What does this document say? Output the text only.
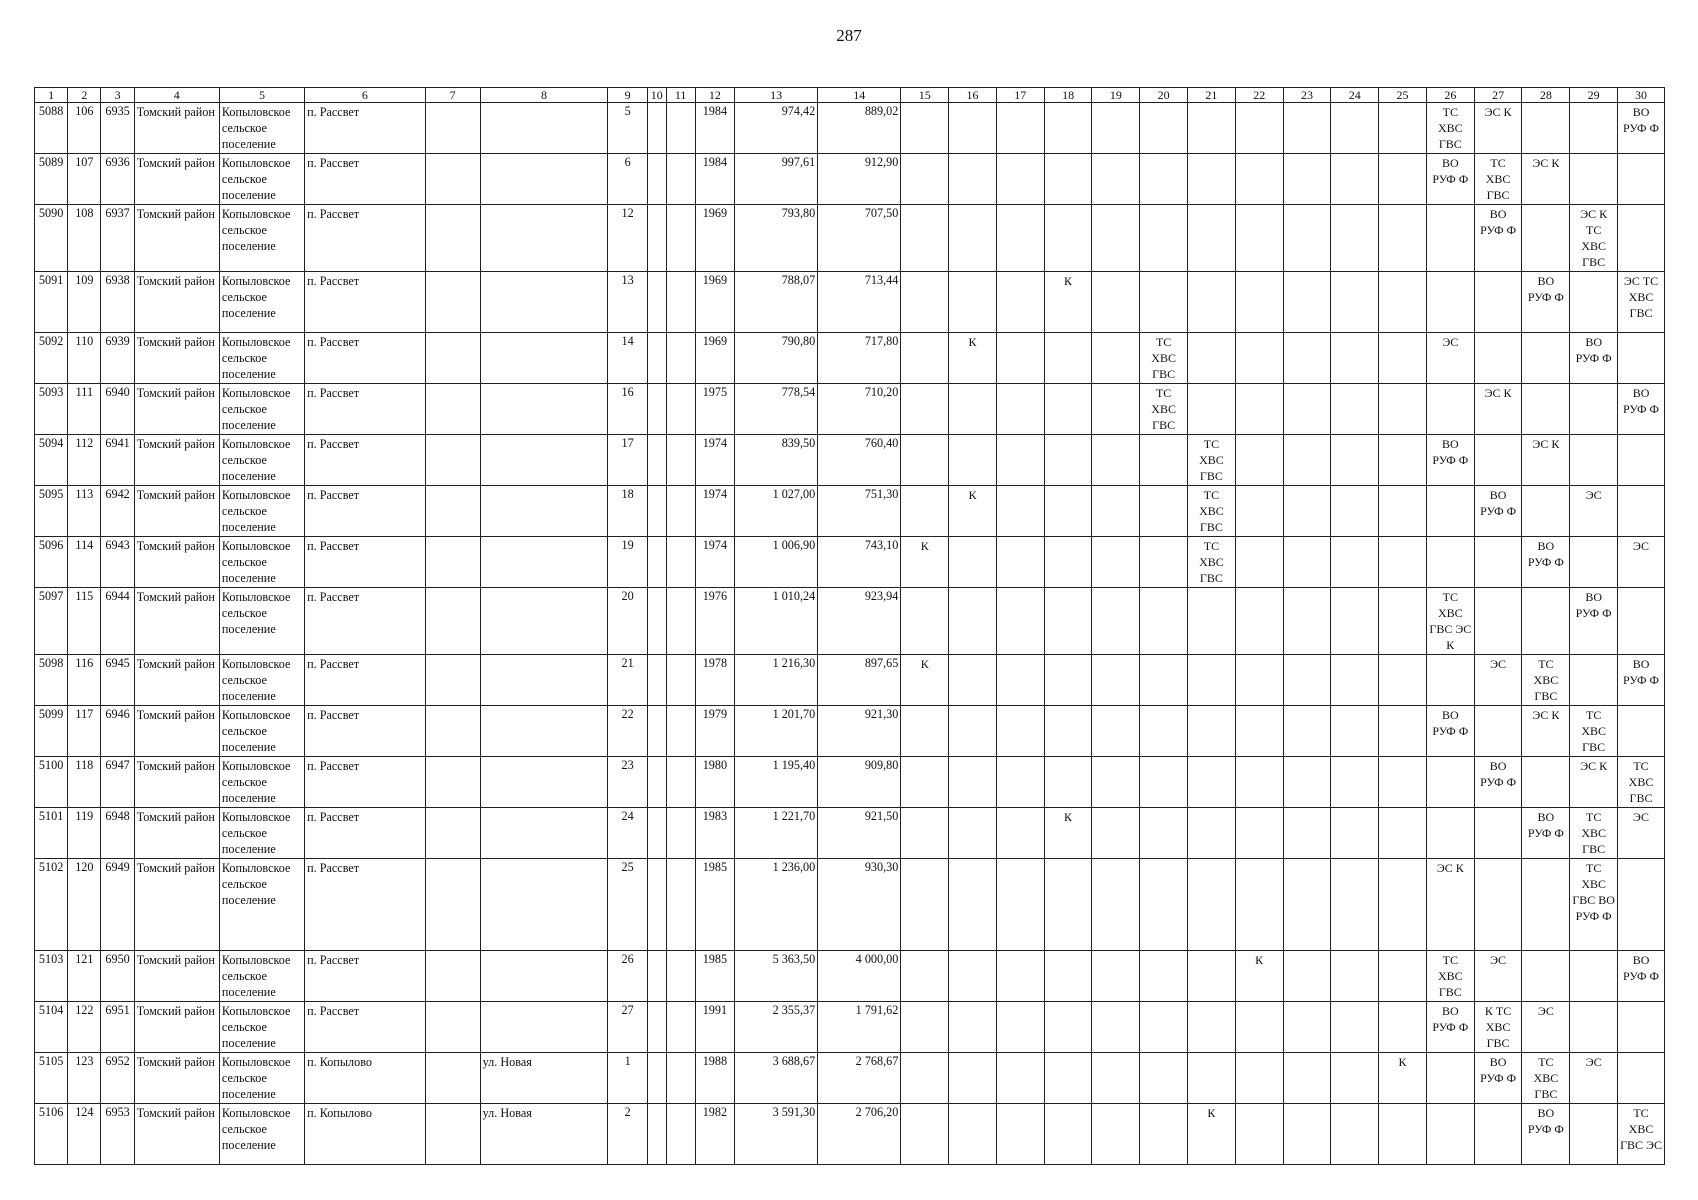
287
1	2	3	4	5	6	7	8	9	10	11	12	13	14	15	16	17	18	19	20	21	22	23	24	25	26	27	28	29	30
5088	106	6935	Томский район	Копыловское сельское поселение	п. Рассвет			5			1984	974,42	889,02												ТС ХВС ГВС	ЭС К			ВО РУФ Ф
5089	107	6936	Томский район	Копыловское сельское поселение	п. Рассвет			6			1984	997,61	912,90												ВО РУФ Ф	ТС ХВС ГВС	ЭС К		
5090	108	6937	Томский район	Копыловское сельское поселение	п. Рассвет			12			1969	793,80	707,50													ВО РУФ Ф		ЭС К ТС ХВС ГВС	
5091	109	6938	Томский район	Копыловское сельское поселение	п. Рассвет			13			1969	788,07	713,44				К										ВО РУФ Ф		ЭС ТС ХВС ГВС
5092	110	6939	Томский район	Копыловское сельское поселение	п. Рассвет			14			1969	790,80	717,80		К				ТС ХВС ГВС						ЭС			ВО РУФ Ф	
5093	111	6940	Томский район	Копыловское сельское поселение	п. Рассвет			16			1975	778,54	710,20						ТС ХВС ГВС							ЭС К			ВО РУФ Ф
5094	112	6941	Томский район	Копыловское сельское поселение	п. Рассвет			17			1974	839,50	760,40							ТС ХВС ГВС					ВО РУФ Ф		ЭС К		
5095	113	6942	Томский район	Копыловское сельское поселение	п. Рассвет			18			1974	1 027,00	751,30		К					ТС ХВС ГВС						ВО РУФ Ф		ЭС	
5096	114	6943	Томский район	Копыловское сельское поселение	п. Рассвет			19			1974	1 006,90	743,10	К						ТС ХВС ГВС							ВО РУФ Ф		ЭС
5097	115	6944	Томский район	Копыловское сельское поселение	п. Рассвет			20			1976	1 010,24	923,94												ТС ХВС ГВС ЭС К			ВО РУФ Ф	
5098	116	6945	Томский район	Копыловское сельское поселение	п. Рассвет			21			1978	1 216,30	897,65	К												ЭС	ТС ХВС ГВС		ВО РУФ Ф
5099	117	6946	Томский район	Копыловское сельское поселение	п. Рассвет			22			1979	1 201,70	921,30												ВО РУФ Ф		ЭС К	ТС ХВС ГВС	
5100	118	6947	Томский район	Копыловское сельское поселение	п. Рассвет			23			1980	1 195,40	909,80													ВО РУФ Ф		ЭС К	ТС ХВС ГВС
5101	119	6948	Томский район	Копыловское сельское поселение	п. Рассвет			24			1983	1 221,70	921,50				К										ВО РУФ Ф	ТС ХВС ГВС	ЭС
5102	120	6949	Томский район	Копыловское сельское поселение	п. Рассвет			25			1985	1 236,00	930,30												ЭС К			ТС ХВС ГВС ВО РУФ Ф	
5103	121	6950	Томский район	Копыловское сельское поселение	п. Рассвет			26			1985	5 363,50	4 000,00								К				ТС ХВС ГВС	ЭС			ВО РУФ Ф
5104	122	6951	Томский район	Копыловское сельское поселение	п. Рассвет			27			1991	2 355,37	1 791,62												ВО РУФ Ф	К ТС ХВС ГВС	ЭС		
5105	123	6952	Томский район	Копыловское сельское поселение	п. Копылово		ул. Новая	1			1988	3 688,67	2 768,67											К		ВО РУФ Ф	ТС ХВС ГВС	ЭС	
5106	124	6953	Томский район	Копыловское сельское поселение	п. Копылово		ул. Новая	2			1982	3 591,30	2 706,20							К							ВО РУФ Ф		ТС ХВС ГВС ЭС
